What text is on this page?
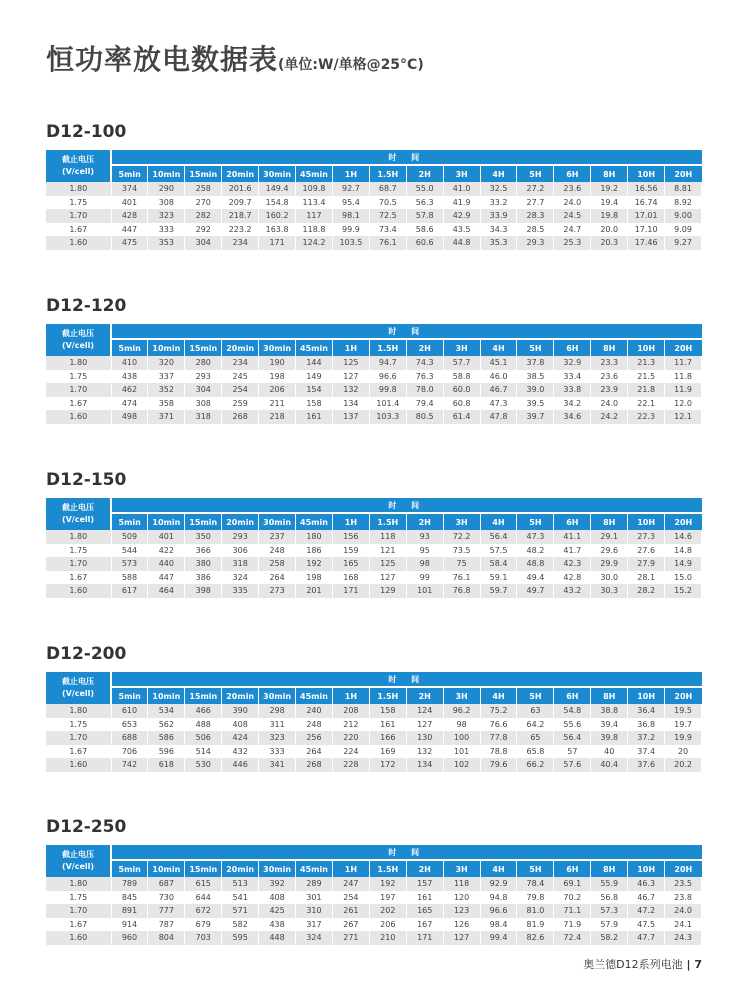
恒功率放电数据表(单位:W/单格@25°C)
D12-100
截止电压
(V/cell)	时 间															
	5min	10min	15min	20min	30min	45min	1H	1.5H	2H	3H	4H	5H	6H	8H	10H	20H
1.80	374	290	258	201.6	149.4	109.8	92.7	68.7	55.0	41.0	32.5	27.2	23.6	19.2	16.56	8.81
1.75	401	308	270	209.7	154.8	113.4	95.4	70.5	56.3	41.9	33.2	27.7	24.0	19.4	16.74	8.92
1.70	428	323	282	218.7	160.2	117	98.1	72.5	57.8	42.9	33.9	28.3	24.5	19.8	17.01	9.00
1.67	447	333	292	223.2	163.8	118.8	99.9	73.4	58.6	43.5	34.3	28.5	24.7	20.0	17.10	9.09
1.60	475	353	304	234	171	124.2	103.5	76.1	60.6	44.8	35.3	29.3	25.3	20.3	17.46	9.27
D12-120
截止电压
(V/cell)	时 间															
	5min	10min	15min	20min	30min	45min	1H	1.5H	2H	3H	4H	5H	6H	8H	10H	20H
1.80	410	320	280	234	190	144	125	94.7	74.3	57.7	45.1	37.8	32.9	23.3	21.3	11.7
1.75	438	337	293	245	198	149	127	96.6	76.3	58.8	46.0	38.5	33.4	23.6	21.5	11.8
1.70	462	352	304	254	206	154	132	99.8	78.0	60.0	46.7	39.0	33.8	23.9	21.8	11.9
1.67	474	358	308	259	211	158	134	101.4	79.4	60.8	47.3	39.5	34.2	24.0	22.1	12.0
1.60	498	371	318	268	218	161	137	103.3	80.5	61.4	47.8	39.7	34.6	24.2	22.3	12.1
D12-150
截止电压
(V/cell)	时 间															
	5min	10min	15min	20min	30min	45min	1H	1.5H	2H	3H	4H	5H	6H	8H	10H	20H
1.80	509	401	350	293	237	180	156	118	93	72.2	56.4	47.3	41.1	29.1	27.3	14.6
1.75	544	422	366	306	248	186	159	121	95	73.5	57.5	48.2	41.7	29.6	27.6	14.8
1.70	573	440	380	318	258	192	165	125	98	75	58.4	48.8	42.3	29.9	27.9	14.9
1.67	588	447	386	324	264	198	168	127	99	76.1	59.1	49.4	42.8	30.0	28.1	15.0
1.60	617	464	398	335	273	201	171	129	101	76.8	59.7	49.7	43.2	30.3	28.2	15.2
D12-200
截止电压
(V/cell)	时 间															
	5min	10min	15min	20min	30min	45min	1H	1.5H	2H	3H	4H	5H	6H	8H	10H	20H
1.80	610	534	466	390	298	240	208	158	124	96.2	75.2	63	54.8	38.8	36.4	19.5
1.75	653	562	488	408	311	248	212	161	127	98	76.6	64.2	55.6	39.4	36.8	19.7
1.70	688	586	506	424	323	256	220	166	130	100	77.8	65	56.4	39.8	37.2	19.9
1.67	706	596	514	432	333	264	224	169	132	101	78.8	65.8	57	40	37.4	20
1.60	742	618	530	446	341	268	228	172	134	102	79.6	66.2	57.6	40.4	37.6	20.2
D12-250
截止电压
(V/cell)	时 间															
	5min	10min	15min	20min	30min	45min	1H	1.5H	2H	3H	4H	5H	6H	8H	10H	20H
1.80	789	687	615	513	392	289	247	192	157	118	92.9	78.4	69.1	55.9	46.3	23.5
1.75	845	730	644	541	408	301	254	197	161	120	94.8	79.8	70.2	56.8	46.7	23.8
1.70	891	777	672	571	425	310	261	202	165	123	96.6	81.0	71.1	57.3	47.2	24.0
1.67	914	787	679	582	438	317	267	206	167	126	98.4	81.9	71.9	57.9	47.5	24.1
1.60	960	804	703	595	448	324	271	210	171	127	99.4	82.6	72.4	58.2	47.7	24.3
奥兰德D12系列电池 | 7
